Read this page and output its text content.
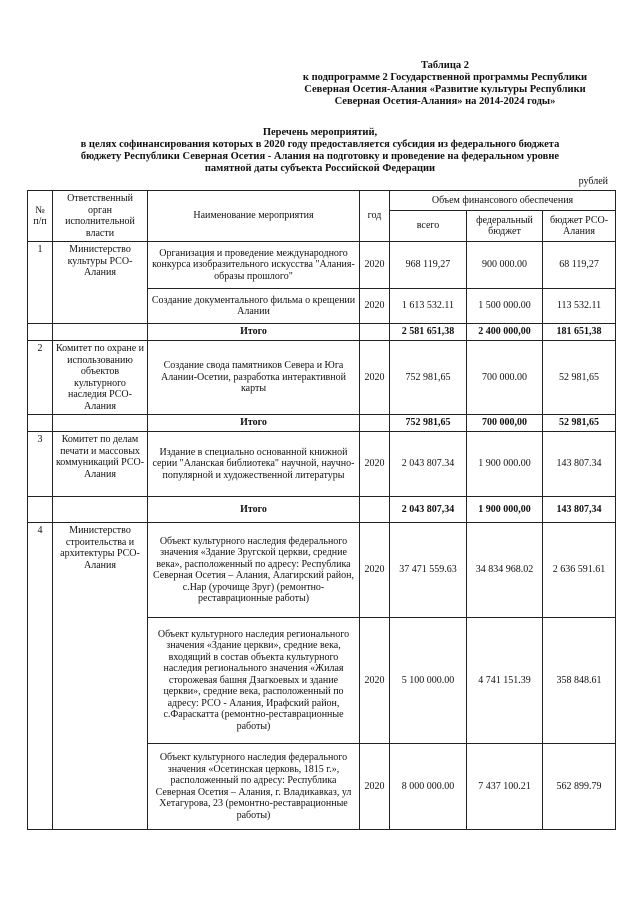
Таблица 2
к подпрограмме 2 Государственной программы Республики
Северная Осетия-Алания «Развитие культуры Республики
Северная Осетия-Алания» на 2014-2024 годы»
Перечень мероприятий,
в целях софинансирования которых в 2020 году предоставляется субсидия из федерального бюджета
бюджету Республики Северная Осетия - Алания на подготовку и проведение на федеральном уровне
памятной даты субъекта Российской Федерации
рублей
№ п/п	Ответственный орган исполнительной власти	Наименование мероприятия	год	Объем финансового обеспечения		
				всего	федеральный бюджет	бюджет РСО-Алания
1	Министерство культуры РСО-Алания	Организация и проведение международного конкурса изобразительного искусства "Алания-образы прошлого"	2020	968 119,27	900 000.00	68 119,27
		Создание документального фильма о крещении Алании	2020	1 613 532.11	1 500 000.00	113 532.11
		Итого		2 581 651,38	2 400 000,00	181 651,38
2	Комитет по охране и использованию объектов культурного наследия РСО-Алания	Создание свода памятников Севера и Юга Алании-Осетии, разработка интерактивной карты	2020	752 981,65	700 000.00	52 981,65
		Итого		752 981,65	700 000,00	52 981,65
3	Комитет по делам печати и массовых коммуникаций РСО-Алания	Издание в специально основанной книжной серии "Аланская библиотека" научной, научно-популярной и художественной литературы	2020	2 043 807.34	1 900 000.00	143 807.34
		Итого		2 043 807,34	1 900 000,00	143 807,34
4	Министерство строительства и архитектуры РСО-Алания	Объект культурного наследия федерального значения «Здание Зругской церкви, средние века», расположенный по адресу: Республика Северная Осетия – Алания, Алагирский район, с.Нар (урочище Зруг) (ремонтно-реставрационные работы)	2020	37 471 559.63	34 834 968.02	2 636 591.61
		Объект культурного наследия регионального значения «Здание церкви», средние века, входящий в состав объекта культурного наследия регионального значения «Жилая сторожевая башня Дзагкоевых и здание церкви», средние века, расположенный по адресу: РСО - Алания, Ирафский район, с.Фараскатта (ремонтно-реставрационные работы)	2020	5 100 000.00	4 741 151.39	358 848.61
		Объект культурного наследия федерального значения «Осетинская церковь, 1815 г.», расположенный по адресу: Республика Северная Осетия – Алания, г. Владикавказ, ул Хетагурова, 23 (ремонтно-реставрационные работы)	2020	8 000 000.00	7 437 100.21	562 899.79
